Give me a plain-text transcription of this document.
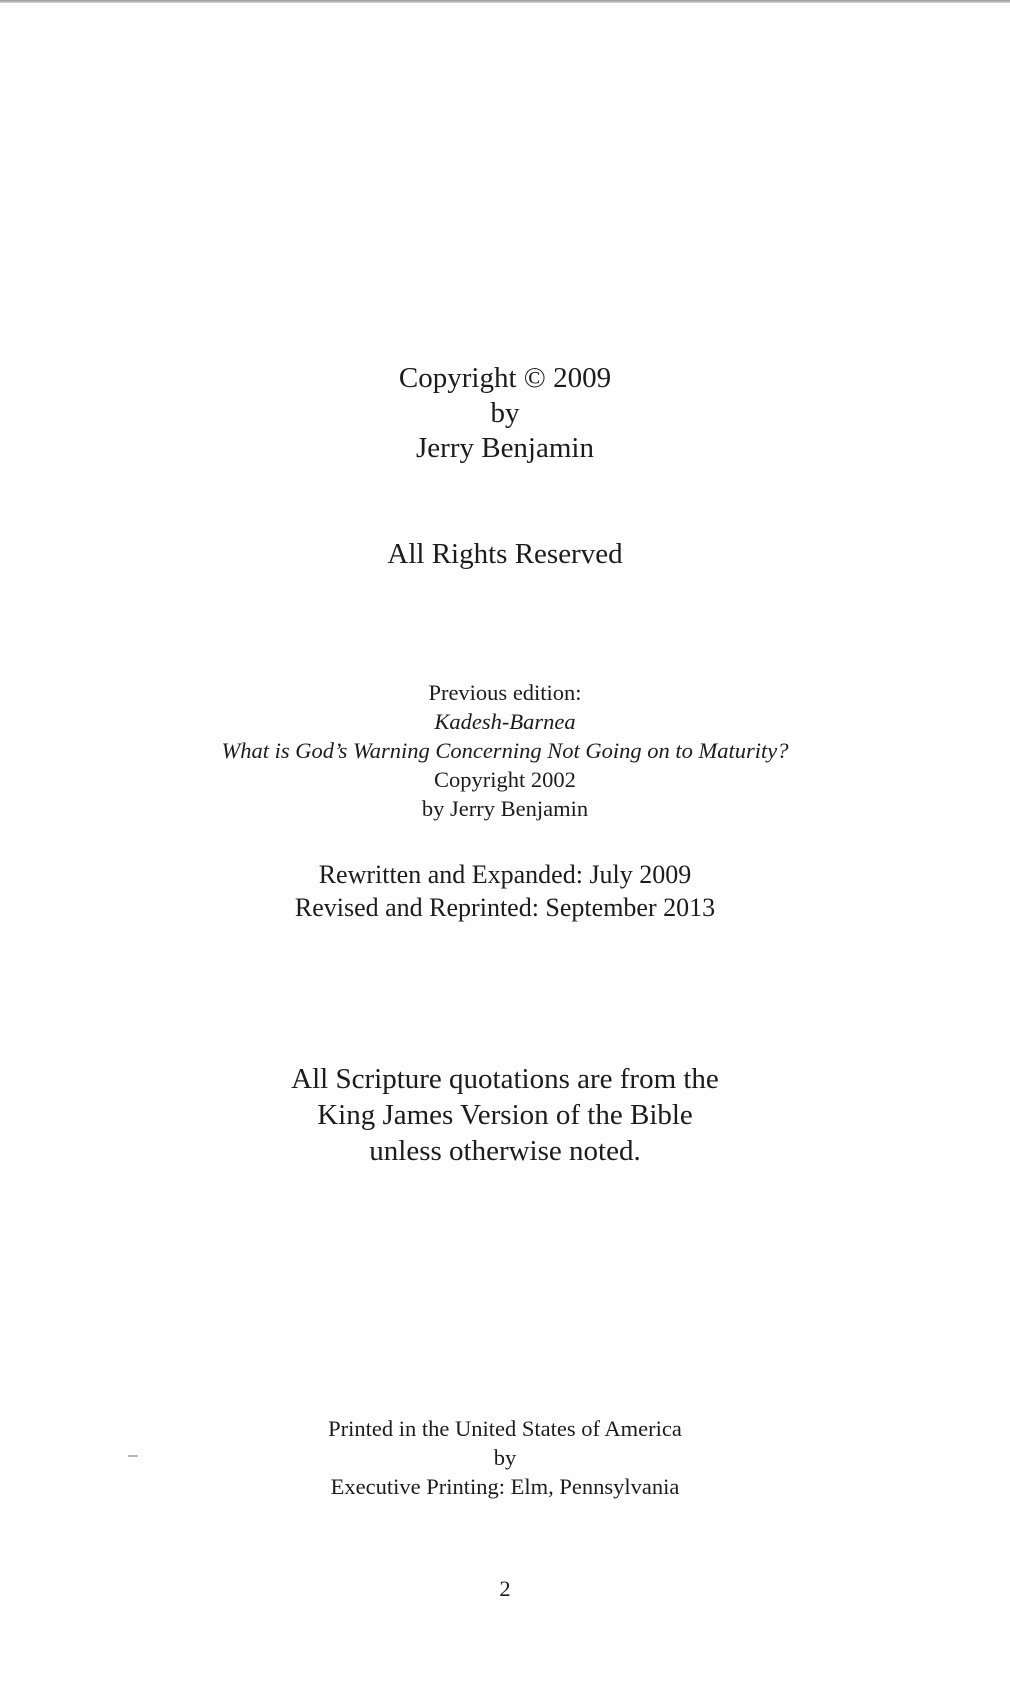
Copyright © 2009
by
Jerry Benjamin
All Rights Reserved
Previous edition:
Kadesh-Barnea
What is God’s Warning Concerning Not Going on to Maturity?
Copyright 2002
by Jerry Benjamin
Rewritten and Expanded: July 2009
Revised and Reprinted: September 2013
All Scripture quotations are from the
King James Version of the Bible
unless otherwise noted.
Printed in the United States of America
by
Executive Printing: Elm, Pennsylvania
2
